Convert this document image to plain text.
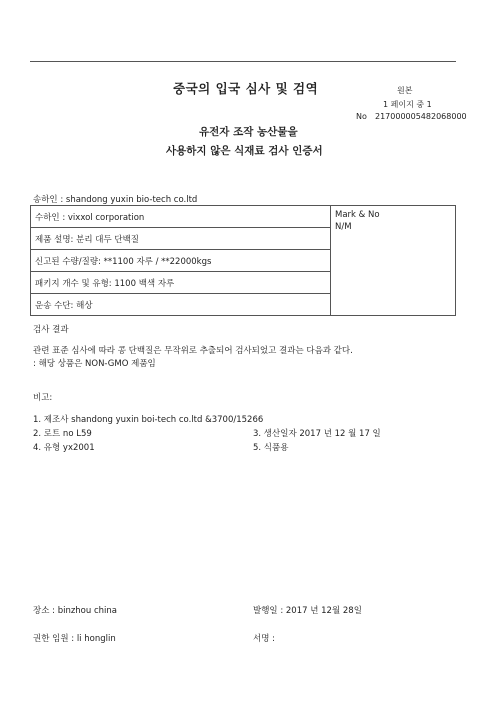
중국의 입국 심사 및 검역	원본
1 페이지 중 1
No 217000005482068000
유전자 조작 농산물을
사용하지 않은 식재료 검사 인증서
송하인 : shandong yuxin bio-tech co.ltd
수하인 : vixxol corporation	Mark & No
N/M

제품 설명: 분리 대두 단백질
신고된 수량/질량: **1100 자루 / **22000kgs
패키지 개수 및 유형: 1100 백색 자루
운송 수단: 해상
검사 결과
관련 표준 심사에 따라 콩 단백질은 무작위로 추출되어 검사되었고 결과는 다음과 같다.
: 해당 상품은 NON-GMO 제품임
비고:
1. 제조사 shandong yuxin boi-tech co.ltd &3700/15266
2. 로트 no L59	3. 생산일자 2017 년 12 월 17 일
4. 유형 yx2001	5. 식품용
장소 : binzhou china	발행일 : 2017 년 12월 28일
권한 임원 : li honglin	서명 :
